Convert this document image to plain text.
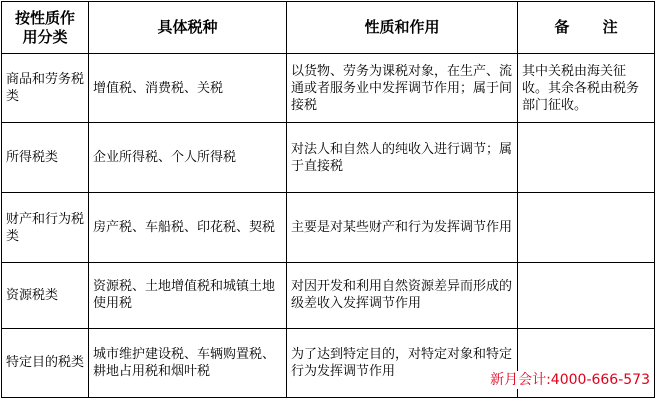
按性质作
用分类	具体税种	性质和作用	备 注
商品和劳务税类	增值税、消费税、关税	以货物、劳务为课税对象，在生产、流通或者服务业中发挥调节作用；属于间接税	其中关税由海关征收。其余各税由税务部门征收。
所得税类	企业所得税、个人所得税	对法人和自然人的纯收入进行调节；属于直接税	
财产和行为税类	房产税、车船税、印花税、契税	主要是对某些财产和行为发挥调节作用	
资源税类	资源税、土地增值税和城镇土地使用税	对因开发和利用自然资源差异而形成的级差收入发挥调节作用	
特定目的税类	城市维护建设税、车辆购置税、耕地占用税和烟叶税	为了达到特定目的，对特定对象和特定行为发挥调节作用	
新月会计:4000-666-573
